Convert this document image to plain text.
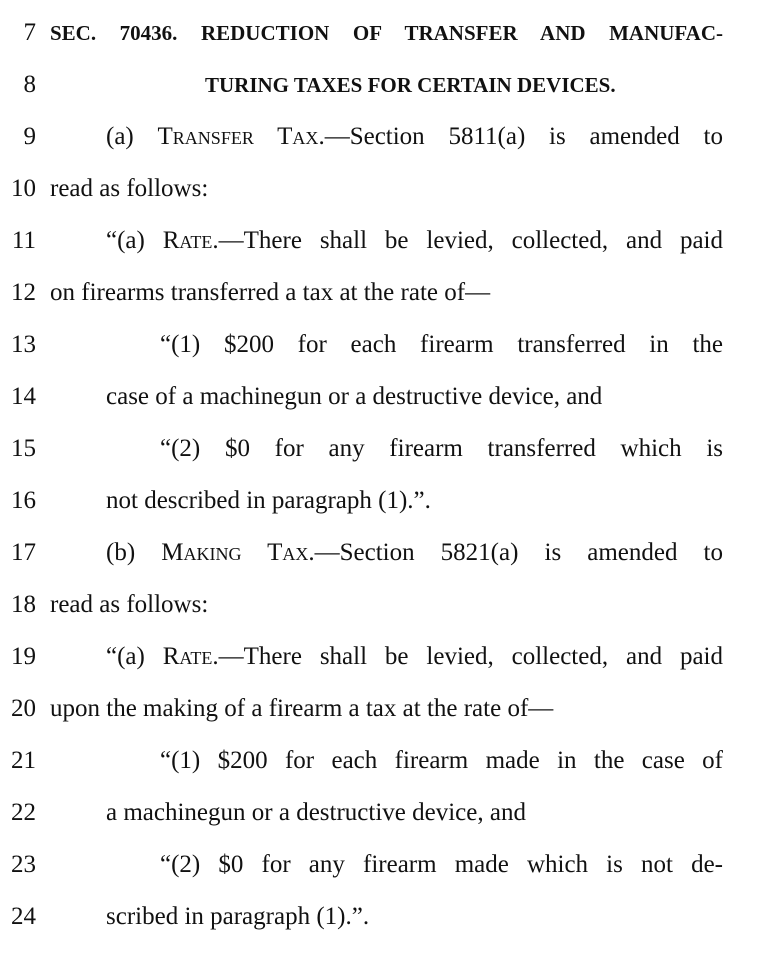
7 SEC. 70436. REDUCTION OF TRANSFER AND MANUFAC-
8	TURING TAXES FOR CERTAIN DEVICES.
9	(a) Transfer Tax.—Section 5811(a) is amended to
10 read as follows:
11	“(a) Rate.—There shall be levied, collected, and paid
12 on firearms transferred a tax at the rate of—
13	“(1) $200 for each firearm transferred in the
14	case of a machinegun or a destructive device, and
15	“(2) $0 for any firearm transferred which is
16	not described in paragraph (1).”.
17	(b) Making Tax.—Section 5821(a) is amended to
18 read as follows:
19	“(a) Rate.—There shall be levied, collected, and paid
20 upon the making of a firearm a tax at the rate of—
21	“(1) $200 for each firearm made in the case of
22	a machinegun or a destructive device, and
23	“(2) $0 for any firearm made which is not de-
24	scribed in paragraph (1).”.
